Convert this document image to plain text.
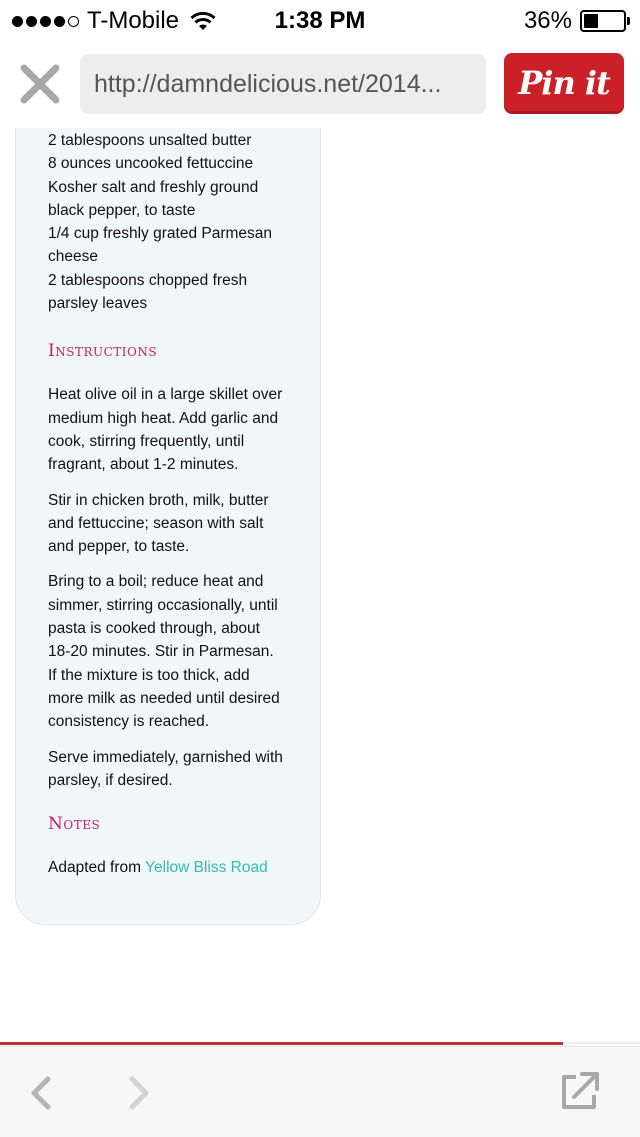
T-Mobile	1:38 PM	36%
http://damndelicious.net/2014...	Pin it
2 tablespoons unsalted butter
8 ounces uncooked fettuccine
Kosher salt and freshly ground
black pepper, to taste
1/4 cup freshly grated Parmesan
cheese
2 tablespoons chopped fresh
parsley leaves
Instructions
Heat olive oil in a large skillet over
medium high heat. Add garlic and
cook, stirring frequently, until
fragrant, about 1-2 minutes.
Stir in chicken broth, milk, butter
and fettuccine; season with salt
and pepper, to taste.
Bring to a boil; reduce heat and
simmer, stirring occasionally, until
pasta is cooked through, about
18-20 minutes. Stir in Parmesan.
If the mixture is too thick, add
more milk as needed until desired
consistency is reached.
Serve immediately, garnished with
parsley, if desired.
Notes
Adapted from Yellow Bliss Road
